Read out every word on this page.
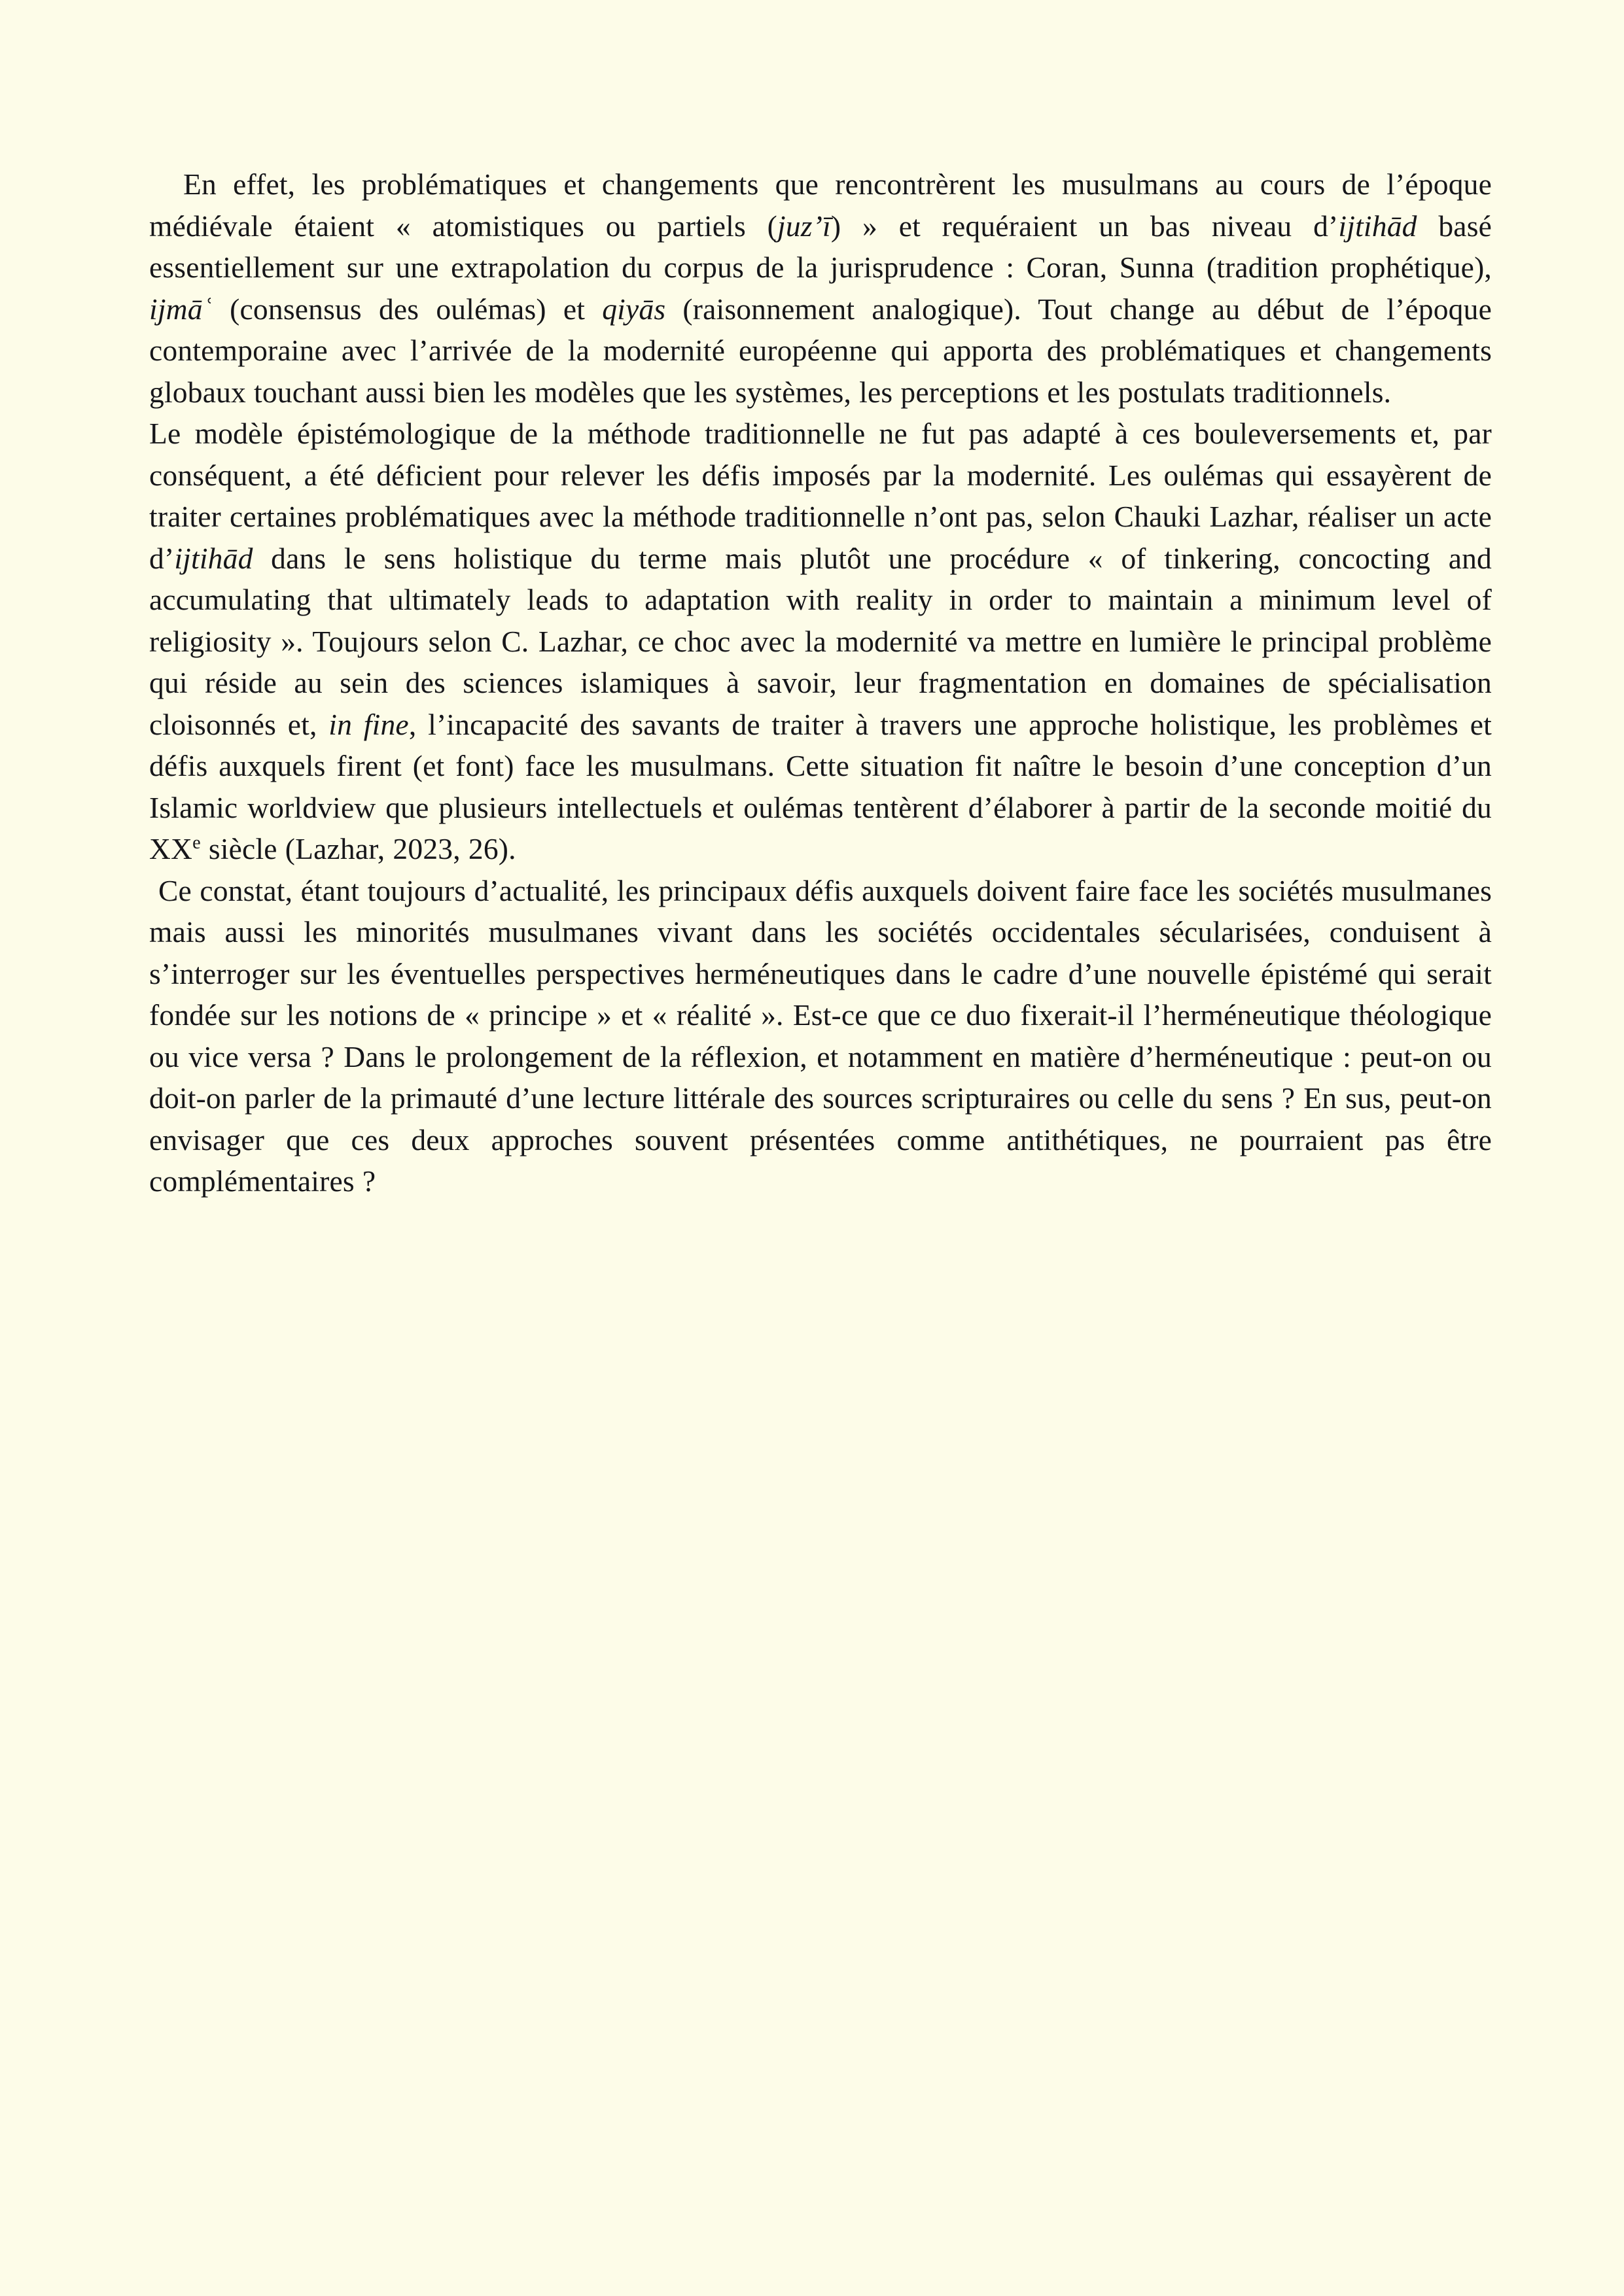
En effet, les problématiques et changements que rencontrèrent les musulmans au cours de l’époque médiévale étaient « atomistiques ou partiels (juz’ī) » et requéraient un bas niveau d’ijtihād basé essentiellement sur une extrapolation du corpus de la jurisprudence : Coran, Sunna (tradition prophétique), ijmāʿ (consensus des oulémas) et qiyās (raisonnement analogique). Tout change au début de l’époque contemporaine avec l’arrivée de la modernité européenne qui apporta des problématiques et changements globaux touchant aussi bien les modèles que les systèmes, les perceptions et les postulats traditionnels.

Le modèle épistémologique de la méthode traditionnelle ne fut pas adapté à ces bouleversements et, par conséquent, a été déficient pour relever les défis imposés par la modernité. Les oulémas qui essayèrent de traiter certaines problématiques avec la méthode traditionnelle n’ont pas, selon Chauki Lazhar, réaliser un acte d’ijtihād dans le sens holistique du terme mais plutôt une procédure « of tinkering, concocting and accumulating that ultimately leads to adaptation with reality in order to maintain a minimum level of religiosity ». Toujours selon C. Lazhar, ce choc avec la modernité va mettre en lumière le principal problème qui réside au sein des sciences islamiques à savoir, leur fragmentation en domaines de spécialisation cloisonnés et, in fine, l’incapacité des savants de traiter à travers une approche holistique, les problèmes et défis auxquels firent (et font) face les musulmans. Cette situation fit naître le besoin d’une conception d’un Islamic worldview que plusieurs intellectuels et oulémas tentèrent d’élaborer à partir de la seconde moitié du XXe siècle (Lazhar, 2023, 26).

Ce constat, étant toujours d’actualité, les principaux défis auxquels doivent faire face les sociétés musulmanes mais aussi les minorités musulmanes vivant dans les sociétés occidentales sécularisées, conduisent à s’interroger sur les éventuelles perspectives herméneutiques dans le cadre d’une nouvelle épistémé qui serait fondée sur les notions de « principe » et « réalité ». Est-ce que ce duo fixerait-il l’herméneutique théologique ou vice versa ? Dans le prolongement de la réflexion, et notamment en matière d’herméneutique : peut-on ou doit-on parler de la primauté d’une lecture littérale des sources scripturaires ou celle du sens ? En sus, peut-on envisager que ces deux approches souvent présentées comme antithétiques, ne pourraient pas être complémentaires ?
